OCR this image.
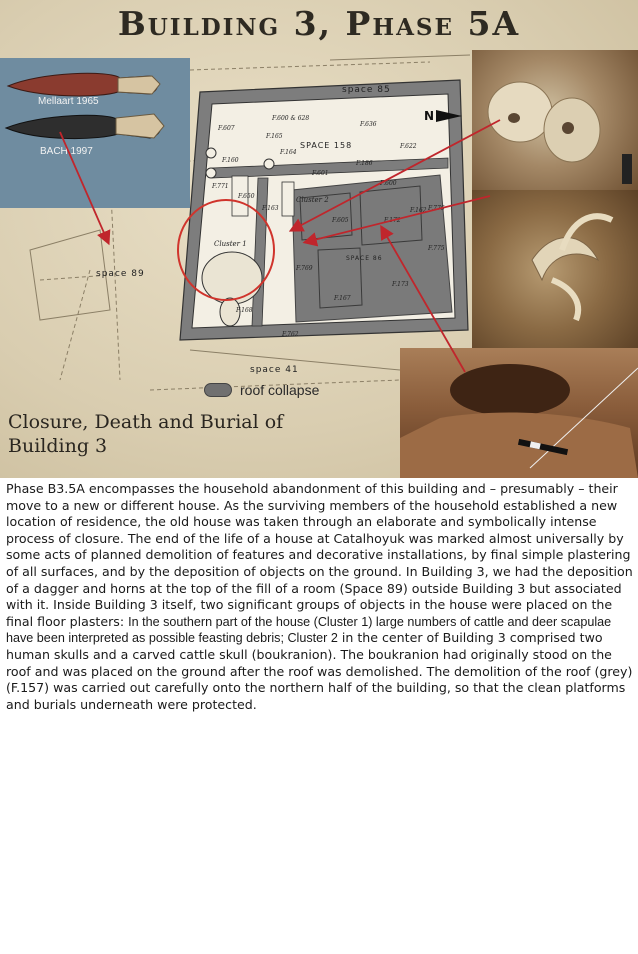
Building 3, Phase 5A
F.600 & 628
F.636
F.622
F.607
F.165
F.164
F.160
F.601
F.186
F.600
F.162
F.771
F.650
F.163
F.775
F.776
F.605	F.172
F.173
F.167
F.168
F.769
F.762
space 85
space 89
space 41
SPACE 158
SPACE 86
Cluster 1
Cluster 2
N
Mellaart 1965
BACH 1997
roof collapse
Closure, Death and Burial of Building 3
Phase B3.5A encompasses the household abandonment of this building and – presumably – their move to a new or different house. As the surviving members of the household established a new location of residence, the old house was taken through an elaborate and symbolically intense process of closure. The end of the life of a house at Catalhoyuk was marked almost universally by some acts of planned demolition of features and decorative installations, by final simple plastering of all surfaces, and by the deposition of objects on the ground. In Building 3, we had the deposition of a dagger and horns at the top of the fill of a room (Space 89) outside Building 3 but associated with it. Inside Building 3 itself, two significant groups of objects in the house were placed on the final floor plasters: In the southern part of the house (Cluster 1) large numbers of cattle and deer scapulae have been interpreted as possible feasting debris; Cluster 2 in the center of Building 3 comprised two human skulls and a carved cattle skull (boukranion). The boukranion had originally stood on the roof and was placed on the ground after the roof was demolished. The demolition of the roof (grey)(F.157) was carried out carefully onto the northern half of the building, so that the clean platforms and burials underneath were protected.
